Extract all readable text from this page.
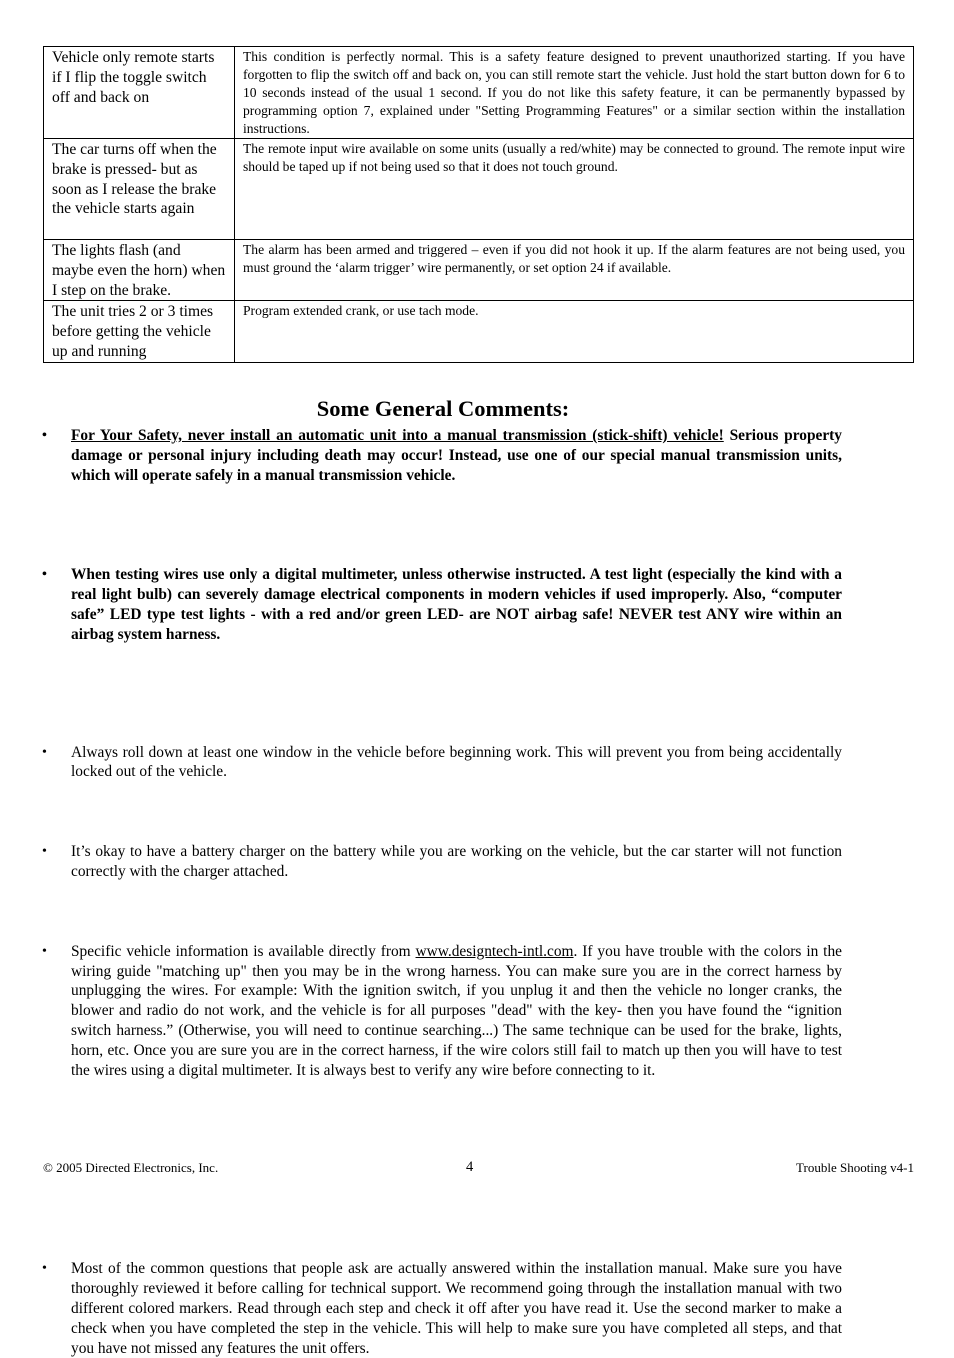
Vehicle only remote starts if I flip the toggle switch off and back on	This condition is perfectly normal. This is a safety feature designed to prevent unauthorized starting. If you have forgotten to flip the switch off and back on, you can still remote start the vehicle. Just hold the start button down for 6 to 10 seconds instead of the usual 1 second. If you do not like this safety feature, it can be permanently bypassed by programming option 7, explained under "Setting Programming Features" or a similar section within the installation instructions.
The car turns off when the brake is pressed- but as soon as I release the brake the vehicle starts again	The remote input wire available on some units (usually a red/white) may be connected to ground. The remote input wire should be taped up if not being used so that it does not touch ground.
The lights flash (and maybe even the horn) when I step on the brake.	The alarm has been armed and triggered – even if you did not hook it up. If the alarm features are not being used, you must ground the ‘alarm trigger’ wire permanently, or set option 24 if available.
The unit tries 2 or 3 times before getting the vehicle up and running	Program extended crank, or use tach mode.
Some General Comments:
• For Your Safety, never install an automatic unit into a manual transmission (stick-shift) vehicle! Serious property damage or personal injury including death may occur! Instead, use one of our special manual transmission units, which will operate safely in a manual transmission vehicle.
• When testing wires use only a digital multimeter, unless otherwise instructed. A test light (especially the kind with a real light bulb) can severely damage electrical components in modern vehicles if used improperly. Also, “computer safe” LED type test lights - with a red and/or green LED- are NOT airbag safe! NEVER test ANY wire within an airbag system harness.
• Always roll down at least one window in the vehicle before beginning work. This will prevent you from being accidentally locked out of the vehicle.
• It’s okay to have a battery charger on the battery while you are working on the vehicle, but the car starter will not function correctly with the charger attached.
• Specific vehicle information is available directly from www.designtech-intl.com. If you have trouble with the colors in the wiring guide "matching up" then you may be in the wrong harness. You can make sure you are in the correct harness by unplugging the wires. For example: With the ignition switch, if you unplug it and then the vehicle no longer cranks, the blower and radio do not work, and the vehicle is for all purposes "dead" with the key- then you have found the “ignition switch harness.” (Otherwise, you will need to continue searching...) The same technique can be used for the brake, lights, horn, etc. Once you are sure you are in the correct harness, if the wire colors still fail to match up then you will have to test the wires using a digital multimeter. It is always best to verify any wire before connecting to it.
• Most of the common questions that people ask are actually answered within the installation manual. Make sure you have thoroughly reviewed it before calling for technical support. We recommend going through the installation manual with two different colored markers. Read through each step and check it off after you have read it. Use the second marker to make a check when you have completed the step in the vehicle. This will help to make sure you have completed all steps, and that you have not missed any features the unit offers.
© 2005 Directed Electronics, Inc.	4	Trouble Shooting v4-1
